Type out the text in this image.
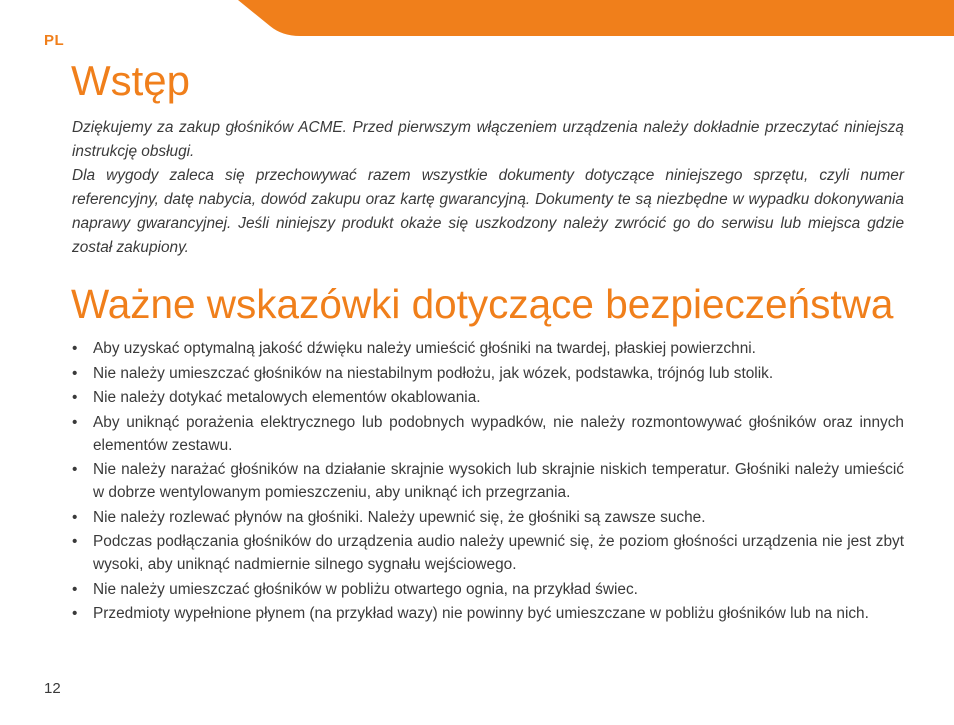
PL
Wstęp

Dziękujemy za zakup głośników ACME. Przed pierwszym włączeniem urządzenia należy dokładnie przeczytać niniejszą instrukcję obsługi.

Dla wygody zaleca się przechowywać razem wszystkie dokumenty dotyczące niniejszego sprzętu, czyli numer referencyjny, datę nabycia, dowód zakupu oraz kartę gwarancyjną. Dokumenty te są niezbędne w wypadku dokonywania naprawy gwarancyjnej. Jeśli niniejszy produkt okaże się uszkodzony należy zwrócić go do serwisu lub miejsca gdzie został zakupiony.

Ważne wskazówki dotyczące bezpieczeństwa
• Aby uzyskać optymalną jakość dźwięku należy umieścić głośniki na twardej, płaskiej powierzchni.
• Nie należy umieszczać głośników na niestabilnym podłożu, jak wózek, podstawka, trójnóg lub stolik.
• Nie należy dotykać metalowych elementów okablowania.
• Aby uniknąć porażenia elektrycznego lub podobnych wypadków, nie należy rozmontowywać głośników oraz innych elementów zestawu.
• Nie należy narażać głośników na działanie skrajnie wysokich lub skrajnie niskich temperatur. Głośniki należy umieścić w dobrze wentylowanym pomieszczeniu, aby uniknąć ich przegrzania.
• Nie należy rozlewać płynów na głośniki. Należy upewnić się, że głośniki są zawsze suche.
• Podczas podłączania głośników do urządzenia audio należy upewnić się, że poziom głośności urządzenia nie jest zbyt wysoki, aby uniknąć nadmiernie silnego sygnału wejściowego.
• Nie należy umieszczać głośników w pobliżu otwartego ognia, na przykład świec.
• Przedmioty wypełnione płynem (na przykład wazy) nie powinny być umieszczane w pobliżu głośników lub na nich.
12
